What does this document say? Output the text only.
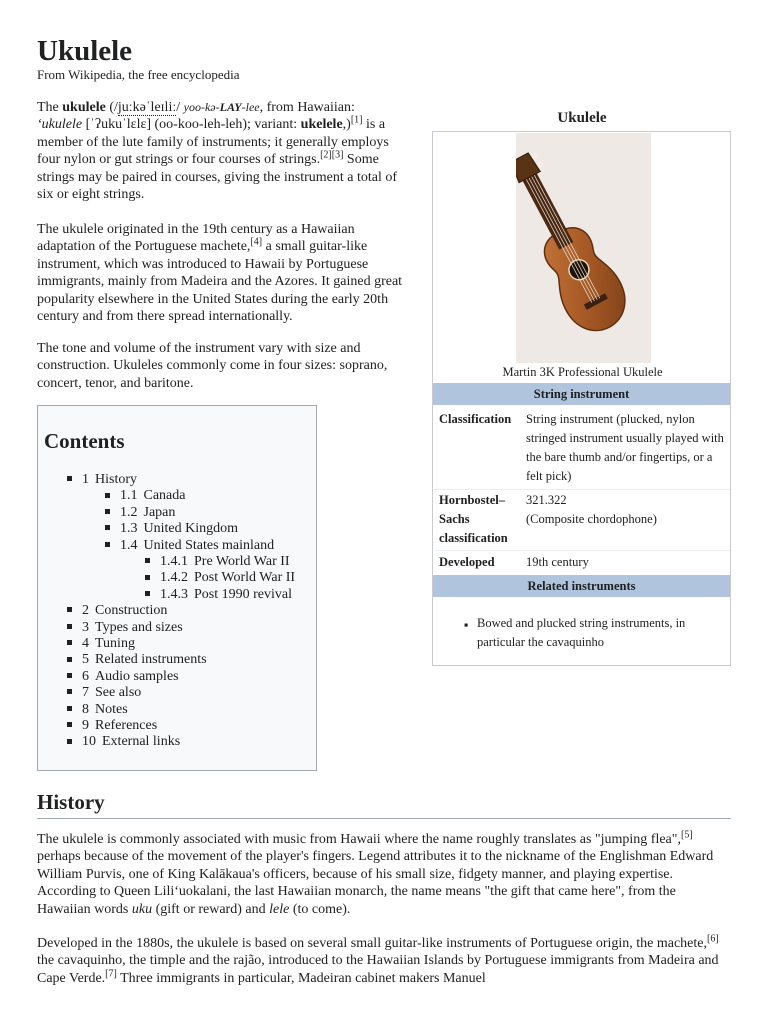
Ukulele
From Wikipedia, the free encyclopedia

The ukulele (/juːkəˈleɪliː/ yoo-kə-LAY-lee, from Hawaiian: ʻukulele [ˈʔukuˈlɛlɛ] (oo-koo-leh-leh); variant: ukelele,)[1] is a member of the lute family of instruments; it generally employs four nylon or gut strings or four courses of strings.[2][3] Some strings may be paired in courses, giving the instrument a total of six or eight strings.

The ukulele originated in the 19th century as a Hawaiian adaptation of the Portuguese machete,[4] a small guitar-like instrument, which was introduced to Hawaii by Portuguese immigrants, mainly from Madeira and the Azores. It gained great popularity elsewhere in the United States during the early 20th century and from there spread internationally.

The tone and volume of the instrument vary with size and construction. Ukuleles commonly come in four sizes: soprano, concert, tenor, and baritone.

Ukulele
Martin 3K Professional Ukulele
String instrument
Classification	String instrument (plucked, nylon stringed instrument usually played with the bare thumb and/or fingertips, or a felt pick)
Hornbostel–Sachs classification
321.322
(Composite chordophone)
Developed	19th century
Related instruments
▪ Bowed and plucked string instruments, in particular the cavaquinho
Contents
1 History
1.1 Canada
1.2 Japan
1.3 United Kingdom
1.4 United States mainland
1.4.1 Pre World War II
1.4.2 Post World War II
1.4.3 Post 1990 revival
2 Construction
3 Types and sizes
4 Tuning
5 Related instruments
6 Audio samples
7 See also
8 Notes
9 References
10 External links
History

The ukulele is commonly associated with music from Hawaii where the name roughly translates as "jumping flea",[5] perhaps because of the movement of the player's fingers. Legend attributes it to the nickname of the Englishman Edward William Purvis, one of King Kalākaua's officers, because of his small size, fidgety manner, and playing expertise. According to Queen Liliʻuokalani, the last Hawaiian monarch, the name means "the gift that came here", from the Hawaiian words uku (gift or reward) and lele (to come).

Developed in the 1880s, the ukulele is based on several small guitar-like instruments of Portuguese origin, the machete,[6] the cavaquinho, the timple and the rajão, introduced to the Hawaiian Islands by Portuguese immigrants from Madeira and Cape Verde.[7] Three immigrants in particular, Madeiran cabinet makers Manuel
